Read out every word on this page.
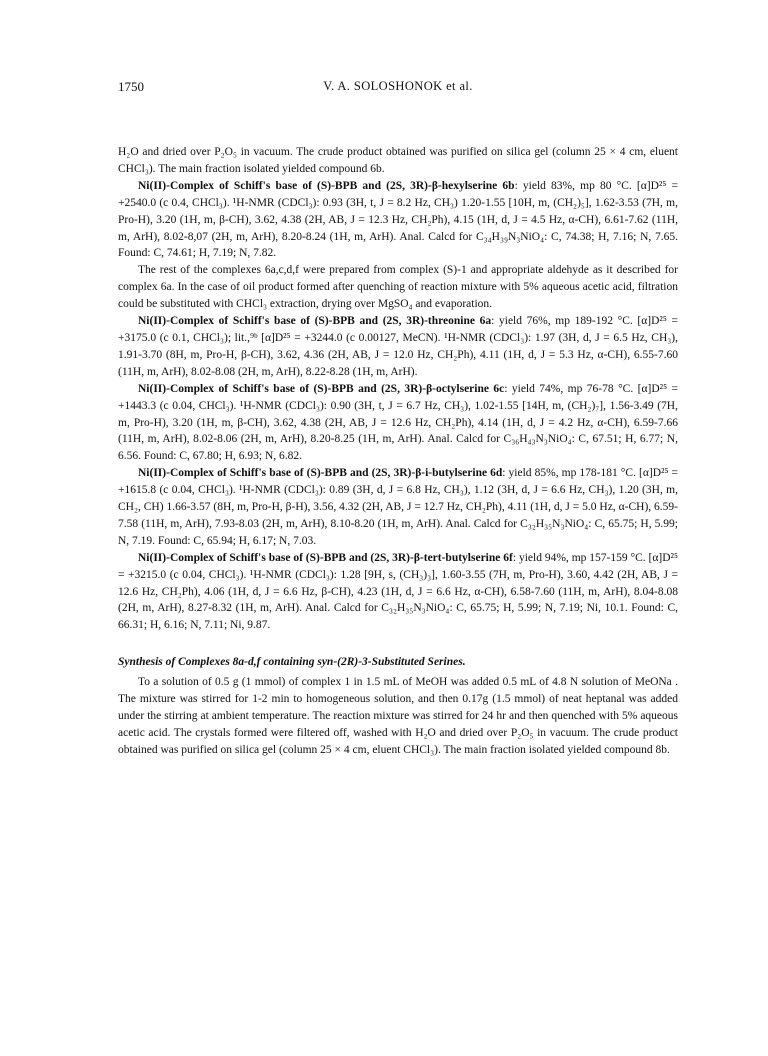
1750	V. A. SOLOSHONOK et al.

H₂O and dried over P₂O₅ in vacuum. The crude product obtained was purified on silica gel (column 25 × 4 cm, eluent CHCl₃). The main fraction isolated yielded compound 6b.

Ni(II)-Complex of Schiff's base of (S)-BPB and (2S, 3R)-β-hexylserine 6b: yield 83%, mp 80 °C. [α]D²⁵ = +2540.0 (c 0.4, CHCl₃). ¹H-NMR (CDCl₃): 0.93 (3H, t, J = 8.2 Hz, CH₃) 1.20-1.55 [10H, m, (CH₂)₅], 1.62-3.53 (7H, m, Pro-H), 3.20 (1H, m, β-CH), 3.62, 4.38 (2H, AB, J = 12.3 Hz, CH₂Ph), 4.15 (1H, d, J = 4.5 Hz, α-CH), 6.61-7.62 (11H, m, ArH), 8.02-8,07 (2H, m, ArH), 8.20-8.24 (1H, m, ArH). Anal. Calcd for C₃₄H₃₉N₃NiO₄: C, 74.38; H, 7.16; N, 7.65. Found: C, 74.61; H, 7.19; N, 7.82.

The rest of the complexes 6a,c,d,f were prepared from complex (S)-1 and appropriate aldehyde as it described for complex 6a. In the case of oil product formed after quenching of reaction mixture with 5% aqueous acetic acid, filtration could be substituted with CHCl₃ extraction, drying over MgSO₄ and evaporation.

Ni(II)-Complex of Schiff's base of (S)-BPB and (2S, 3R)-threonine 6a: yield 76%, mp 189-192 °C. [α]D²⁵ = +3175.0 (c 0.1, CHCl₃); lit.,⁹ᵇ [α]D²⁵ = +3244.0 (c 0.00127, MeCN). ¹H-NMR (CDCl₃): 1.97 (3H, d, J = 6.5 Hz, CH₃), 1.91-3.70 (8H, m, Pro-H, β-CH), 3.62, 4.36 (2H, AB, J = 12.0 Hz, CH₂Ph), 4.11 (1H, d, J = 5.3 Hz, α-CH), 6.55-7.60 (11H, m, ArH), 8.02-8.08 (2H, m, ArH), 8.22-8.28 (1H, m, ArH).

Ni(II)-Complex of Schiff's base of (S)-BPB and (2S, 3R)-β-octylserine 6c: yield 74%, mp 76-78 °C. [α]D²⁵ = +1443.3 (c 0.04, CHCl₃). ¹H-NMR (CDCl₃): 0.90 (3H, t, J = 6.7 Hz, CH₃), 1.02-1.55 [14H, m, (CH₂)₇], 1.56-3.49 (7H, m, Pro-H), 3.20 (1H, m, β-CH), 3.62, 4.38 (2H, AB, J = 12.6 Hz, CH₂Ph), 4.14 (1H, d, J = 4.2 Hz, α-CH), 6.59-7.66 (11H, m, ArH), 8.02-8.06 (2H, m, ArH), 8.20-8.25 (1H, m, ArH). Anal. Calcd for C₃₆H₄₃N₃NiO₄: C, 67.51; H, 6.77; N, 6.56. Found: C, 67.80; H, 6.93; N, 6.82.

Ni(II)-Complex of Schiff's base of (S)-BPB and (2S, 3R)-β-i-butylserine 6d: yield 85%, mp 178-181 °C. [α]D²⁵ = +1615.8 (c 0.04, CHCl₃). ¹H-NMR (CDCl₃): 0.89 (3H, d, J = 6.8 Hz, CH₃), 1.12 (3H, d, J = 6.6 Hz, CH₃), 1.20 (3H, m, CH₂, CH) 1.66-3.57 (8H, m, Pro-H, β-H), 3.56, 4.32 (2H, AB, J = 12.7 Hz, CH₂Ph), 4.11 (1H, d, J = 5.0 Hz, α-CH), 6.59-7.58 (11H, m, ArH), 7.93-8.03 (2H, m, ArH), 8.10-8.20 (1H, m, ArH). Anal. Calcd for C₃₂H₃₅N₃NiO₄: C, 65.75; H, 5.99; N, 7.19. Found: C, 65.94; H, 6.17; N, 7.03.

Ni(II)-Complex of Schiff's base of (S)-BPB and (2S, 3R)-β-tert-butylserine 6f: yield 94%, mp 157-159 °C. [α]D²⁵ = +3215.0 (c 0.04, CHCl₃). ¹H-NMR (CDCl₃): 1.28 [9H, s, (CH₃)₃], 1.60-3.55 (7H, m, Pro-H), 3.60, 4.42 (2H, AB, J = 12.6 Hz, CH₂Ph), 4.06 (1H, d, J = 6.6 Hz, β-CH), 4.23 (1H, d, J = 6.6 Hz, α-CH), 6.58-7.60 (11H, m, ArH), 8.04-8.08 (2H, m, ArH), 8.27-8.32 (1H, m, ArH). Anal. Calcd for C₃₂H₃₅N₃NiO₄: C, 65.75; H, 5.99; N, 7.19; Ni, 10.1. Found: C, 66.31; H, 6.16; N, 7.11; Ni, 9.87.

Synthesis of Complexes 8a-d,f containing syn-(2R)-3-Substituted Serines.

To a solution of 0.5 g (1 mmol) of complex 1 in 1.5 mL of MeOH was added 0.5 mL of 4.8 N solution of MeONa . The mixture was stirred for 1-2 min to homogeneous solution, and then 0.17g (1.5 mmol) of neat heptanal was added under the stirring at ambient temperature. The reaction mixture was stirred for 24 hr and then quenched with 5% aqueous acetic acid. The crystals formed were filtered off, washed with H₂O and dried over P₂O₅ in vacuum. The crude product obtained was purified on silica gel (column 25 × 4 cm, eluent CHCl₃). The main fraction isolated yielded compound 8b.
